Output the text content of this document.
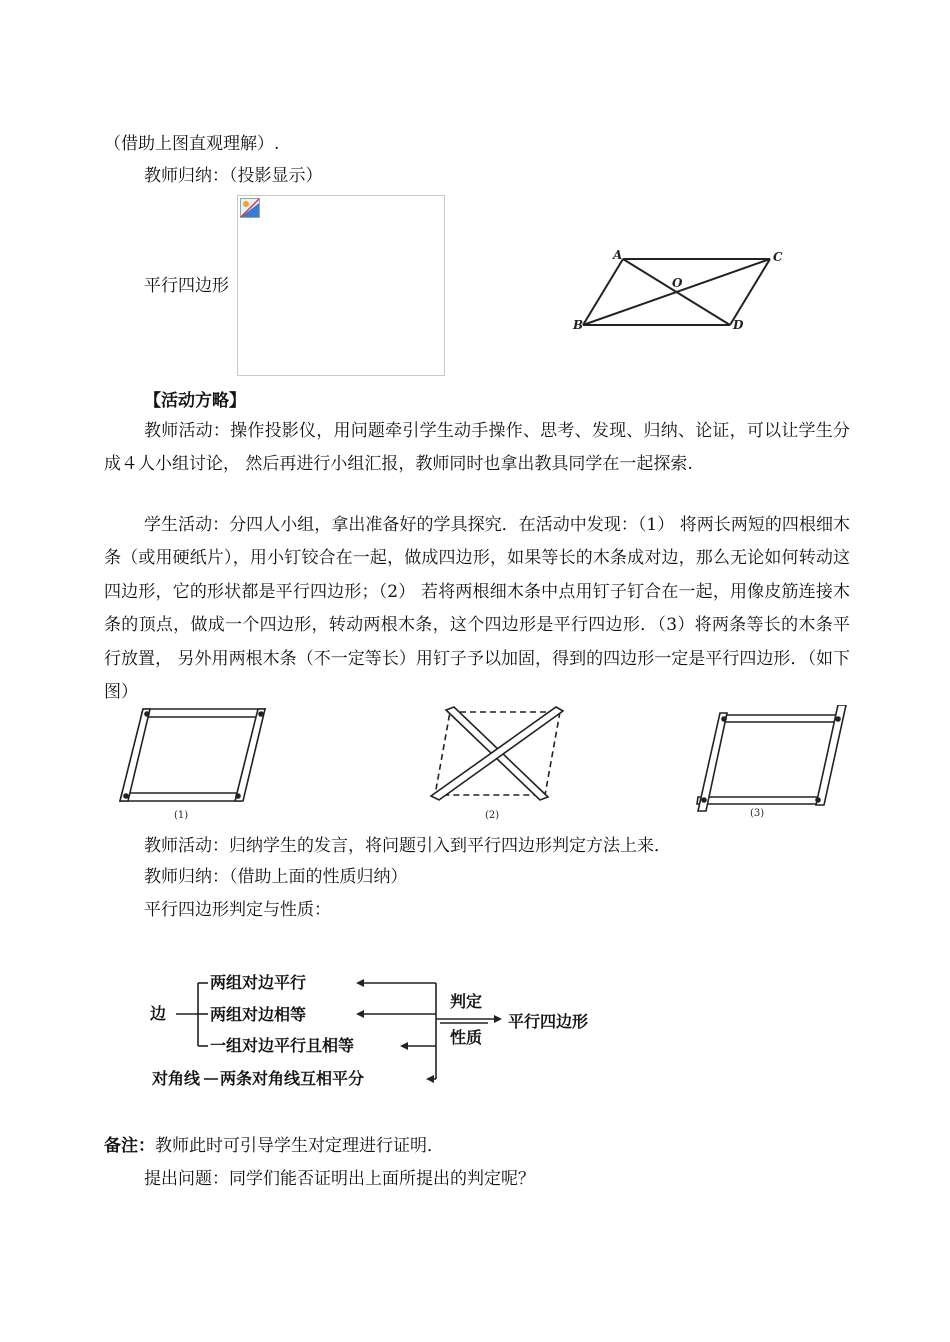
（借助上图直观理解）.
教师归纳：（投影显示）
平行四边形
A
B
C
D
O
【活动方略】
教师活动：操作投影仪，用问题牵引学生动手操作、思考、发现、归纳、论证，可以让学生分成４人小组讨论， 然后再进行小组汇报，教师同时也拿出教具同学在一起探索.
学生活动：分四人小组，拿出准备好的学具探究．在活动中发现：（1） 将两长两短的四根细木条（或用硬纸片），用小钉铰合在一起，做成四边形，如果等长的木条成对边，那么无论如何转动这四边形，它的形状都是平行四边形；（2） 若将两根细木条中点用钉子钉合在一起，用像皮筋连接木条的顶点，做成一个四边形，转动两根木条，这个四边形是平行四边形．（3）将两条等长的木条平行放置， 另外用两根木条（不一定等长）用钉子予以加固，得到的四边形一定是平行四边形．（如下图）
(1)	(2)	(3)
教师活动：归纳学生的发言，将问题引入到平行四边形判定方法上来．
教师归纳：（借助上面的性质归纳）
平行四边形判定与性质：
边
两组对边平行
两组对边相等
一组对边平行且相等
对角线 两条对角线互相平分
判定
性质
平行四边形
备注：教师此时可引导学生对定理进行证明．
提出问题：同学们能否证明出上面所提出的判定呢？
